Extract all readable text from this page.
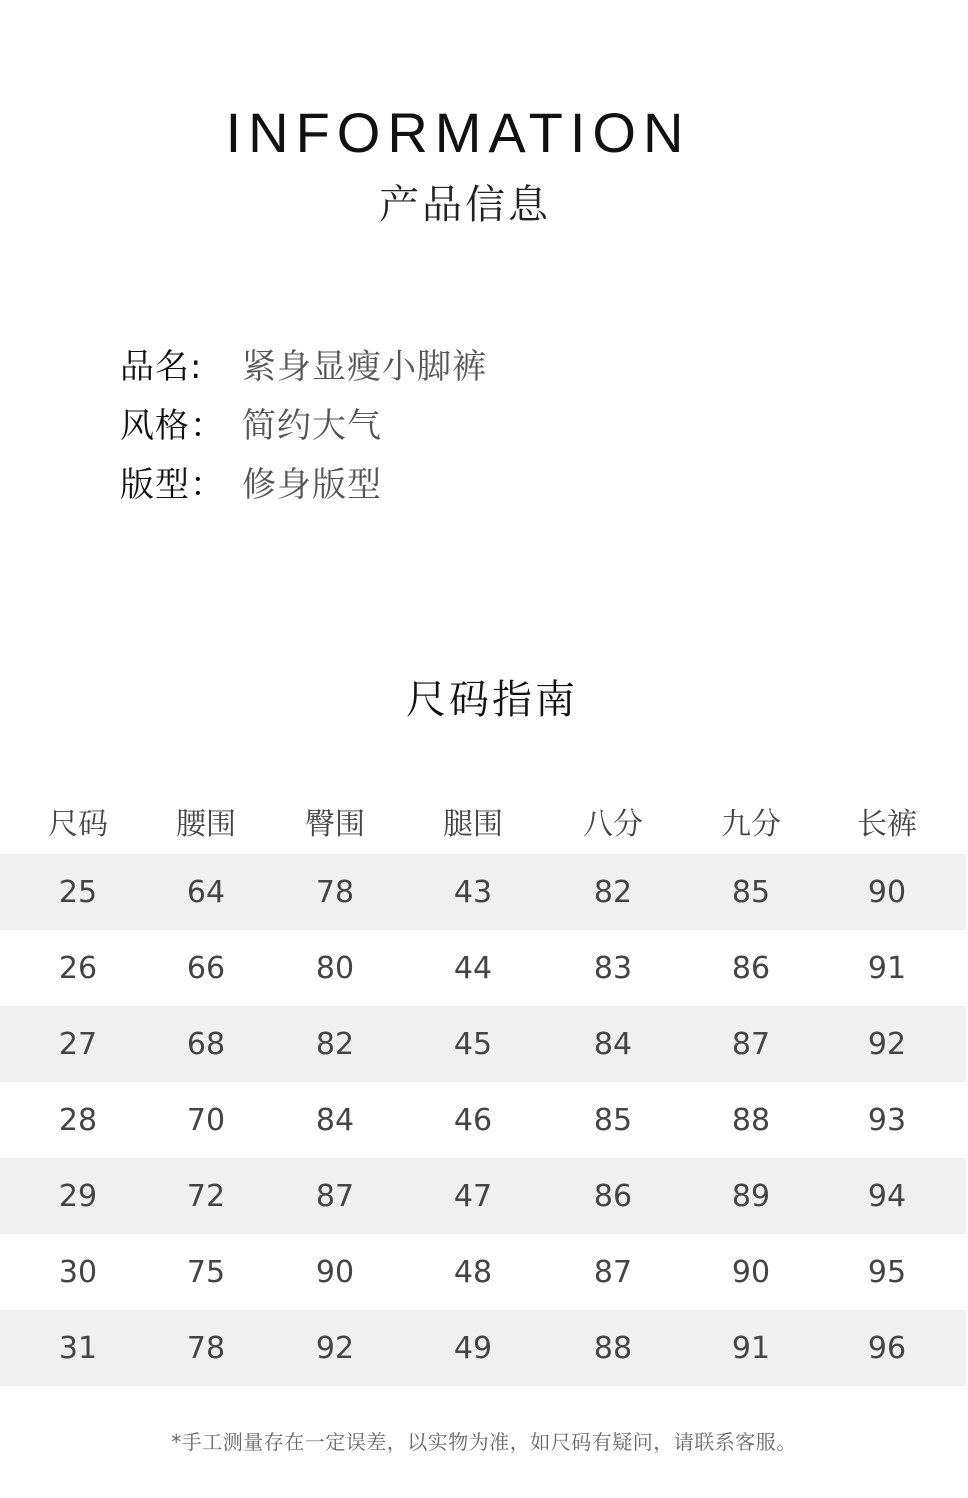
INFORMATION
产品信息
品名:	紧身显瘦小脚裤
风格： 简约大气
版型： 修身版型
尺码指南
尺码	腰围	臀围	腿围	八分	九分	长裤
25	64	78	43	82	85	90
26	66	80	44	83	86	91
27	68	82	45	84	87	92
28	70	84	46	85	88	93
29	72	87	47	86	89	94
30	75	90	48	87	90	95
31	78	92	49	88	91	96
*手工测量存在一定误差，以实物为准，如尺码有疑问，请联系客服。
